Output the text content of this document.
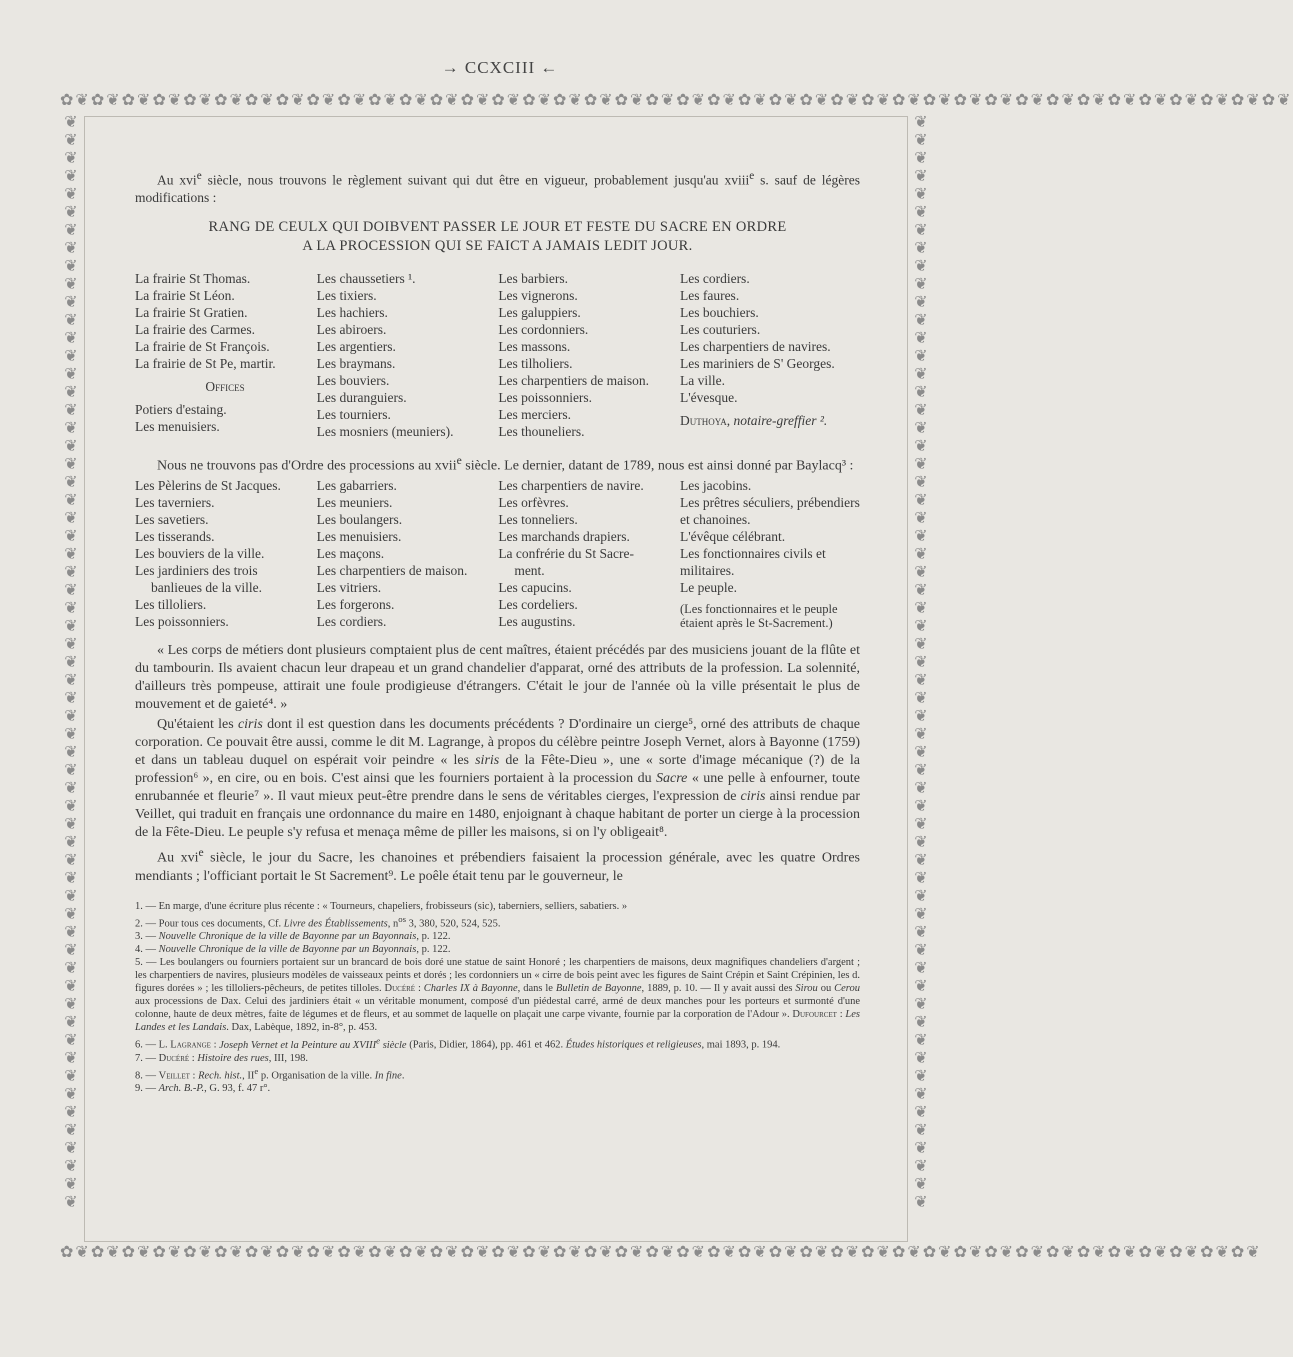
→ CCXCIII ←
✿❦✿❦✿❦✿❦✿❦✿❦✿❦✿❦✿❦✿❦✿❦✿❦✿❦✿❦✿❦✿❦✿❦✿❦✿❦✿❦✿❦✿❦✿❦✿❦✿❦✿❦✿❦✿❦✿❦✿❦✿❦✿❦✿❦✿❦✿❦✿❦✿❦✿❦✿❦✿❦
❦❦❦❦❦❦❦❦❦❦❦❦❦❦❦❦❦❦❦❦❦❦❦❦❦❦❦❦❦❦❦❦❦❦❦❦❦❦❦❦❦❦❦❦❦❦❦❦❦❦❦❦❦❦❦❦❦❦❦❦❦
❦❦❦❦❦❦❦❦❦❦❦❦❦❦❦❦❦❦❦❦❦❦❦❦❦❦❦❦❦❦❦❦❦❦❦❦❦❦❦❦❦❦❦❦❦❦❦❦❦❦❦❦❦❦❦❦❦❦❦❦❦
✿❦✿❦✿❦✿❦✿❦✿❦✿❦✿❦✿❦✿❦✿❦✿❦✿❦✿❦✿❦✿❦✿❦✿❦✿❦✿❦✿❦✿❦✿❦✿❦✿❦✿❦✿❦✿❦✿❦✿❦✿❦✿❦✿❦✿❦✿❦✿❦✿❦✿❦✿❦

Au xvi$^e$ siècle, nous trouvons le règlement suivant qui dut être en vigueur, probablement jusqu'au xviii$^e$ s. sauf de légères modifications :

RANG DE CEULX QUI DOIBVENT PASSER LE JOUR ET FESTE DU SACRE EN ORDRE
A LA PROCESSION QUI SE FAICT A JAMAIS LEDIT JOUR.
La frairie St Thomas.
La frairie St Léon.
La frairie St Gratien.
La frairie des Carmes.
La frairie de St François.
La frairie de St Pe, martir.
Offices
Potiers d'estaing.
Les menuisiers.
Les chaussetiers ¹.
Les tixiers.
Les hachiers.
Les abiroers.
Les argentiers.
Les braymans.
Les bouviers.
Les duranguiers.
Les tourniers.
Les mosniers (meuniers).
Les barbiers.
Les vignerons.
Les galuppiers.
Les cordonniers.
Les massons.
Les tilholiers.
Les charpentiers de maison.
Les poissonniers.
Les merciers.
Les thouneliers.
Les cordiers.
Les faures.
Les bouchiers.
Les couturiers.
Les charpentiers de navires.
Les mariniers de S' Georges.
La ville.
L'évesque.
Duthoya, notaire-greffier ².

Nous ne trouvons pas d'Ordre des processions au xvii$^e$ siècle. Le dernier, datant de 1789, nous est ainsi donné par Baylacq³ :

Les Pèlerins de St Jacques.
Les taverniers.
Les savetiers.
Les tisserands.
Les bouviers de la ville.
Les jardiniers des trois
banlieues de la ville.
Les tilloliers.
Les poissonniers.
Les gabarriers.
Les meuniers.
Les boulangers.
Les menuisiers.
Les maçons.
Les charpentiers de maison.
Les vitriers.
Les forgerons.
Les cordiers.
Les charpentiers de navire.
Les orfèvres.
Les tonneliers.
Les marchands drapiers.
La confrérie du St Sacre-
ment.
Les capucins.
Les cordeliers.
Les augustins.
Les jacobins.
Les prêtres séculiers, prébendiers et chanoines.
L'évêque célébrant.
Les fonctionnaires civils et militaires.
Le peuple.
(Les fonctionnaires et le peuple étaient après le St-Sacrement.)

« Les corps de métiers dont plusieurs comptaient plus de cent maîtres, étaient précédés par des musiciens jouant de la flûte et du tambourin. Ils avaient chacun leur drapeau et un grand chandelier d'apparat, orné des attributs de la profession. La solennité, d'ailleurs très pompeuse, attirait une foule prodigieuse d'étrangers. C'était le jour de l'année où la ville présentait le plus de mouvement et de gaieté⁴. »

Qu'étaient les ciris dont il est question dans les documents précédents ? D'ordinaire un cierge⁵, orné des attributs de chaque corporation. Ce pouvait être aussi, comme le dit M. Lagrange, à propos du célèbre peintre Joseph Vernet, alors à Bayonne (1759) et dans un tableau duquel on espérait voir peindre « les siris de la Fête-Dieu », une « sorte d'image mécanique (?) de la profession⁶ », en cire, ou en bois. C'est ainsi que les fourniers portaient à la procession du Sacre « une pelle à enfourner, toute enrubannée et fleurie⁷ ». Il vaut mieux peut-être prendre dans le sens de véritables cierges, l'expression de ciris ainsi rendue par Veillet, qui traduit en français une ordonnance du maire en 1480, enjoignant à chaque habitant de porter un cierge à la procession de la Fête-Dieu. Le peuple s'y refusa et menaça même de piller les maisons, si on l'y obligeait⁸.

Au xvi$^e$ siècle, le jour du Sacre, les chanoines et prébendiers faisaient la procession générale, avec les quatre Ordres mendiants ; l'officiant portait le St Sacrement⁹. Le poêle était tenu par le gouverneur, le

1. — En marge, d'une écriture plus récente : « Tourneurs, chapeliers, frobisseurs (sic), taberniers, selliers, sabatiers. »
2. — Pour tous ces documents, Cf. Livre des Établissements, $n^{os}$ 3, 380, 520, 524, 525.
3. — Nouvelle Chronique de la ville de Bayonne par un Bayonnais, p. 122.
4. — Nouvelle Chronique de la ville de Bayonne par un Bayonnais, p. 122.
5. — Les boulangers ou fourniers portaient sur un brancard de bois doré une statue de saint Honoré ; les charpentiers de maisons, deux magnifiques chandeliers d'argent ; les charpentiers de navires, plusieurs modèles de vaisseaux peints et dorés ; les cordonniers un « cirre de bois peint avec les figures de Saint Crépin et Saint Crépinien, les d. figures dorées » ; les tilloliers-pêcheurs, de petites tilloles. Ducéré : Charles IX à Bayonne, dans le Bulletin de Bayonne, 1889, p. 10. — Il y avait aussi des Sirou ou Cerou aux processions de Dax. Celui des jardiniers était « un véritable monument, composé d'un piédestal carré, armé de deux manches pour les porteurs et surmonté d'une colonne, haute de deux mètres, faite de légumes et de fleurs, et au sommet de laquelle on plaçait une carpe vivante, fournie par la corporation de l'Adour ». Dufourcet : Les Landes et les Landais. Dax, Labèque, 1892, in-8°, p. 453.
6. — L. Lagrange : Joseph Vernet et la Peinture au XVIIIe siècle (Paris, Didier, 1864), pp. 461 et 462. Études historiques et religieuses, mai 1893, p. 194.
7. — Ducéré : Histoire des rues, III, 198.
8. — Veillet : Rech. hist., IIe p. Organisation de la ville. In fine.
9. — Arch. B.-P., G. 93, f. 47 r°.
